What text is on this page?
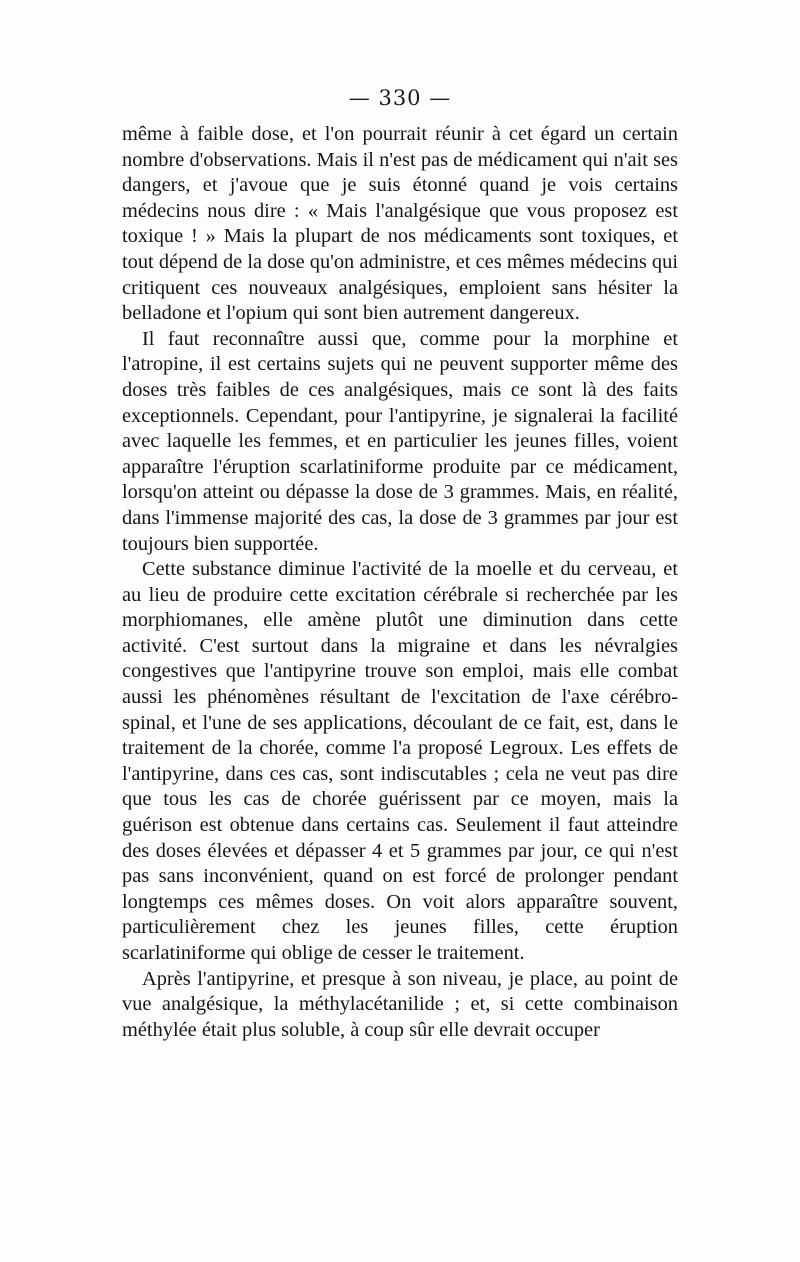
— 330 —

même à faible dose, et l'on pourrait réunir à cet égard un certain nombre d'observations. Mais il n'est pas de médicament qui n'ait ses dangers, et j'avoue que je suis étonné quand je vois certains médecins nous dire : « Mais l'analgésique que vous proposez est toxique ! » Mais la plupart de nos médicaments sont toxiques, et tout dépend de la dose qu'on administre, et ces mêmes médecins qui critiquent ces nouveaux analgésiques, emploient sans hésiter la belladone et l'opium qui sont bien autrement dangereux.

Il faut reconnaître aussi que, comme pour la morphine et l'atropine, il est certains sujets qui ne peuvent supporter même des doses très faibles de ces analgésiques, mais ce sont là des faits exceptionnels. Cependant, pour l'antipyrine, je signalerai la facilité avec laquelle les femmes, et en particulier les jeunes filles, voient apparaître l'éruption scarlatiniforme produite par ce médicament, lorsqu'on atteint ou dépasse la dose de 3 grammes. Mais, en réalité, dans l'immense majorité des cas, la dose de 3 grammes par jour est toujours bien supportée.

Cette substance diminue l'activité de la moelle et du cerveau, et au lieu de produire cette excitation cérébrale si recherchée par les morphiomanes, elle amène plutôt une diminution dans cette activité. C'est surtout dans la migraine et dans les névralgies congestives que l'antipyrine trouve son emploi, mais elle combat aussi les phénomènes résultant de l'excitation de l'axe cérébro-spinal, et l'une de ses applications, découlant de ce fait, est, dans le traitement de la chorée, comme l'a proposé Legroux. Les effets de l'antipyrine, dans ces cas, sont indiscutables ; cela ne veut pas dire que tous les cas de chorée guérissent par ce moyen, mais la guérison est obtenue dans certains cas. Seulement il faut atteindre des doses élevées et dépasser 4 et 5 grammes par jour, ce qui n'est pas sans inconvénient, quand on est forcé de prolonger pendant longtemps ces mêmes doses. On voit alors apparaître souvent, particulièrement chez les jeunes filles, cette éruption scarlatiniforme qui oblige de cesser le traitement.

Après l'antipyrine, et presque à son niveau, je place, au point de vue analgésique, la méthylacétanilide ; et, si cette combinaison méthylée était plus soluble, à coup sûr elle devrait occuper
